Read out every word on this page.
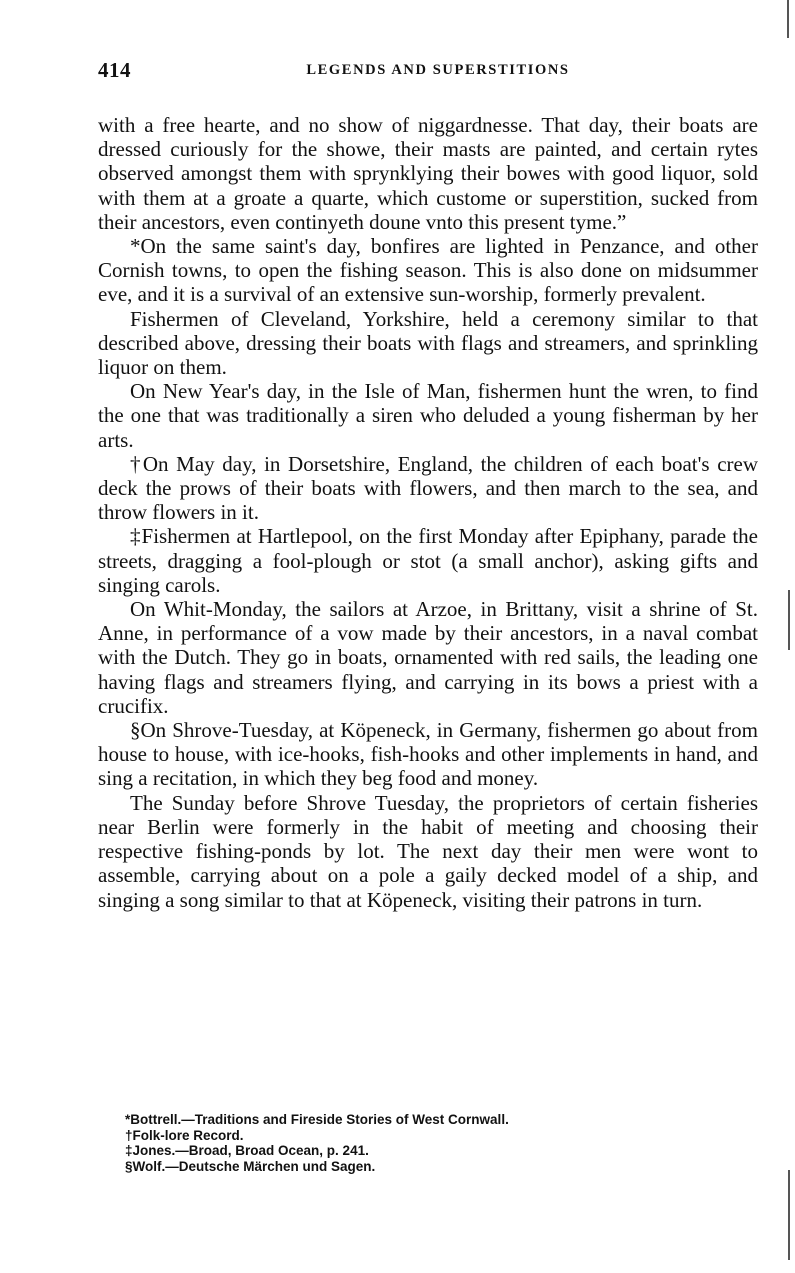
414	LEGENDS AND SUPERSTITIONS

with a free hearte, and no show of niggardnesse. That day, their boats are dressed curiously for the showe, their masts are painted, and certain rytes observed amongst them with sprynklying their bowes with good liquor, sold with them at a groate a quarte, which custome or superstition, sucked from their ancestors, even continyeth doune vnto this present tyme.”

*On the same saint's day, bonfires are lighted in Penzance, and other Cornish towns, to open the fishing season. This is also done on midsummer eve, and it is a survival of an extensive sun-worship, formerly prevalent.

Fishermen of Cleveland, Yorkshire, held a ceremony similar to that described above, dressing their boats with flags and streamers, and sprinkling liquor on them.

On New Year's day, in the Isle of Man, fishermen hunt the wren, to find the one that was traditionally a siren who deluded a young fisherman by her arts.

†On May day, in Dorsetshire, England, the children of each boat's crew deck the prows of their boats with flowers, and then march to the sea, and throw flowers in it.

‡Fishermen at Hartlepool, on the first Monday after Epiphany, parade the streets, dragging a fool-plough or stot (a small anchor), asking gifts and singing carols.

On Whit-Monday, the sailors at Arzoe, in Brittany, visit a shrine of St. Anne, in performance of a vow made by their ancestors, in a naval combat with the Dutch. They go in boats, ornamented with red sails, the leading one having flags and streamers flying, and carrying in its bows a priest with a crucifix.

§On Shrove-Tuesday, at Köpeneck, in Germany, fishermen go about from house to house, with ice-hooks, fish-hooks and other implements in hand, and sing a recitation, in which they beg food and money.

The Sunday before Shrove Tuesday, the proprietors of certain fisheries near Berlin were formerly in the habit of meeting and choosing their respective fishing-ponds by lot. The next day their men were wont to assemble, carrying about on a pole a gaily decked model of a ship, and singing a song similar to that at Köpeneck, visiting their patrons in turn.

*Bottrell.—Traditions and Fireside Stories of West Cornwall.

†Folk-lore Record.

‡Jones.—Broad, Broad Ocean, p. 241.

§Wolf.—Deutsche Märchen und Sagen.
